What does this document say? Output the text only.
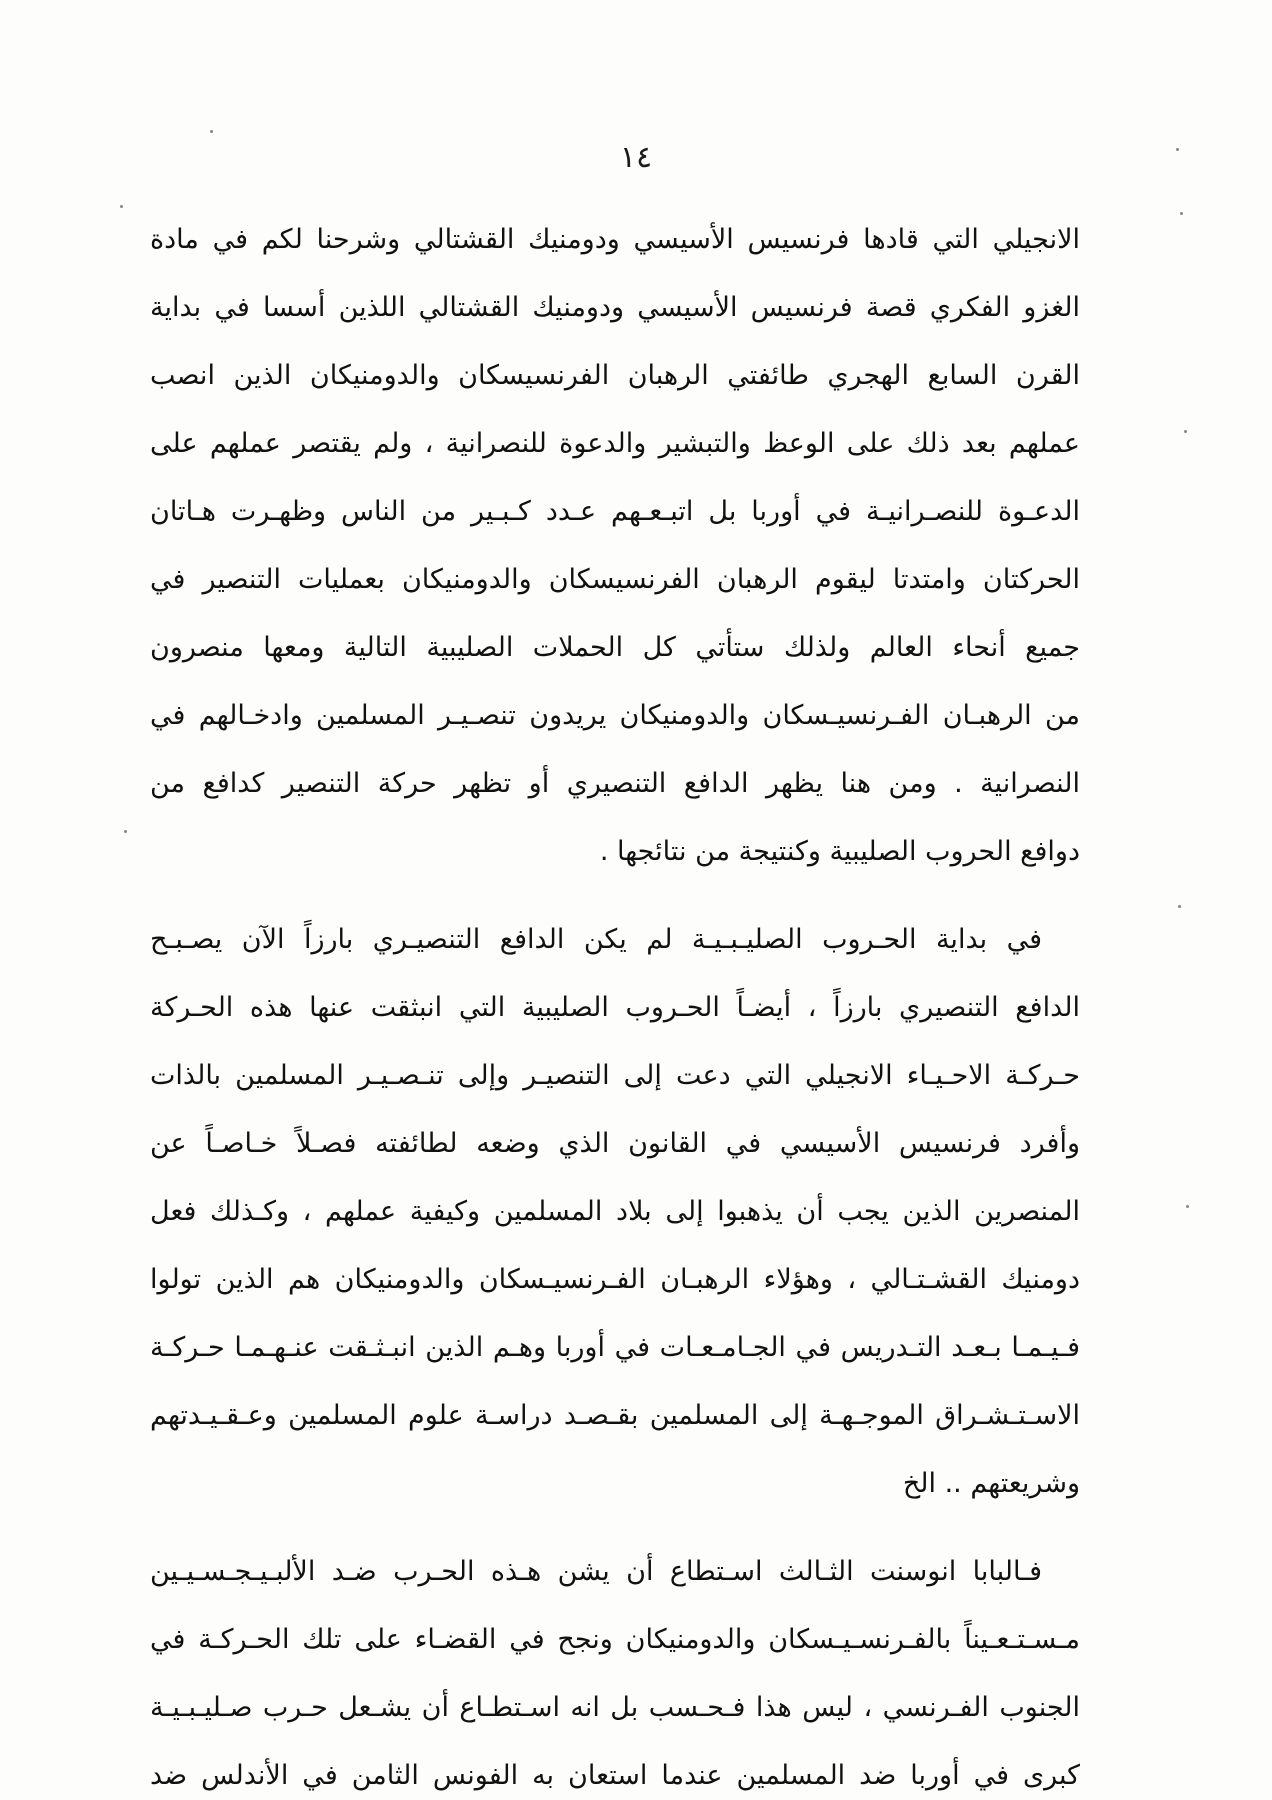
١٤
الانجيلي التي قادها فرنسيس الأسيسي ودومنيك القشتالي وشرحنا لكم في مادة
الغزو الفكري قصة فرنسيس الأسيسي ودومنيك القشتالي اللذين أسسا في بداية
القرن السابع الهجري طائفتي الرهبان الفرنسيسكان والدومنيكان الذين انصب
عملهم بعد ذلك على الوعظ والتبشير والدعوة للنصرانية ، ولم يقتصر عملهم على
الدعـوة للنصـرانيـة في أوربا بل اتبـعـهم عـدد كـبـير من الناس وظهـرت هـاتان
الحركتان وامتدتا ليقوم الرهبان الفرنسيسكان والدومنيكان بعمليات التنصير في
جميع أنحاء العالم ولذلك ستأتي كل الحملات الصليبية التالية ومعها منصرون
من الرهبـان الفـرنسيـسكان والدومنيكان يريدون تنصـيـر المسلمين وادخـالهم في
النصرانية . ومن هنا يظهر الدافع التنصيري أو تظهر حركة التنصير كدافع من
دوافع الحروب الصليبية وكنتيجة من نتائجها .
في بداية الحـروب الصليـبـيـة لم يكن الدافع التنصيـري بارزاً الآن يصـبـح
الدافع التنصيري بارزاً ، أيضـاً الحـروب الصليبية التي انبثقت عنها هذه الحـركة
حـركـة الاحـيـاء الانجيلي التي دعت إلى التنصيـر وإلى تنـصـيـر المسلمين بالذات
وأفرد فرنسيس الأسيسي في القانون الذي وضعه لطائفته فصـلاً خـاصـاً عن
المنصرين الذين يجب أن يذهبوا إلى بلاد المسلمين وكيفية عملهم ، وكـذلك فعل
دومنيك القشـتـالي ، وهؤلاء الرهبـان الفـرنسيـسكان والدومنيكان هم الذين تولوا
فـيـمـا بـعـد التـدريس في الجـامـعـات في أوربا وهـم الذين انبـثـقت عنـهـمـا حـركـة
الاسـتـشـراق الموجـهـة إلى المسلمين بقـصـد دراسـة علوم المسلمين وعـقـيـدتهم
وشريعتهم .. الخ
فـالبابا انوسنت الثـالث اسـتطاع أن يشن هـذه الحـرب ضـد الألبـيـجـسـيـين
مـسـتـعـيناً بالفـرنسـيـسكان والدومنيكان ونجح في القضـاء على تلك الحـركـة في
الجنوب الفـرنسي ، ليس هذا فـحـسب بل انه اسـتطـاع أن يشـعل حـرب صـليـبـيـة
كبرى في أوربا ضد المسلمين عندما استعان به الفونس الثامن في الأندلس ضد
